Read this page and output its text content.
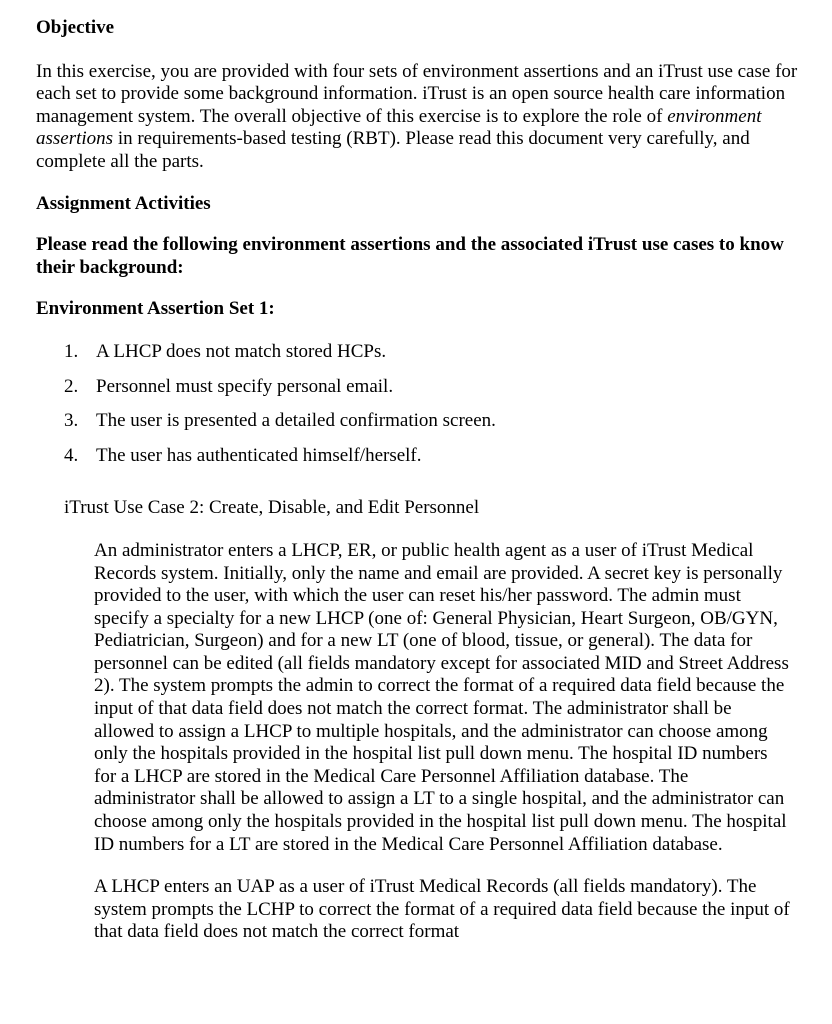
Objective

In this exercise, you are provided with four sets of environment assertions and an iTrust use case for each set to provide some background information. iTrust is an open source health care information management system. The overall objective of this exercise is to explore the role of environment assertions in requirements-based testing (RBT). Please read this document very carefully, and complete all the parts.

Assignment Activities

Please read the following environment assertions and the associated iTrust use cases to know their background:

Environment Assertion Set 1:

1. A LHCP does not match stored HCPs.
2. Personnel must specify personal email.
3. The user is presented a detailed confirmation screen.
4. The user has authenticated himself/herself.

iTrust Use Case 2: Create, Disable, and Edit Personnel

An administrator enters a LHCP, ER, or public health agent as a user of iTrust Medical Records system. Initially, only the name and email are provided. A secret key is personally provided to the user, with which the user can reset his/her password. The admin must specify a specialty for a new LHCP (one of: General Physician, Heart Surgeon, OB/GYN, Pediatrician, Surgeon) and for a new LT (one of blood, tissue, or general). The data for personnel can be edited (all fields mandatory except for associated MID and Street Address 2). The system prompts the admin to correct the format of a required data field because the input of that data field does not match the correct format. The administrator shall be allowed to assign a LHCP to multiple hospitals, and the administrator can choose among only the hospitals provided in the hospital list pull down menu. The hospital ID numbers for a LHCP are stored in the Medical Care Personnel Affiliation database. The administrator shall be allowed to assign a LT to a single hospital, and the administrator can choose among only the hospitals provided in the hospital list pull down menu. The hospital ID numbers for a LT are stored in the Medical Care Personnel Affiliation database.

A LHCP enters an UAP as a user of iTrust Medical Records (all fields mandatory). The system prompts the LCHP to correct the format of a required data field because the input of that data field does not match the correct format
